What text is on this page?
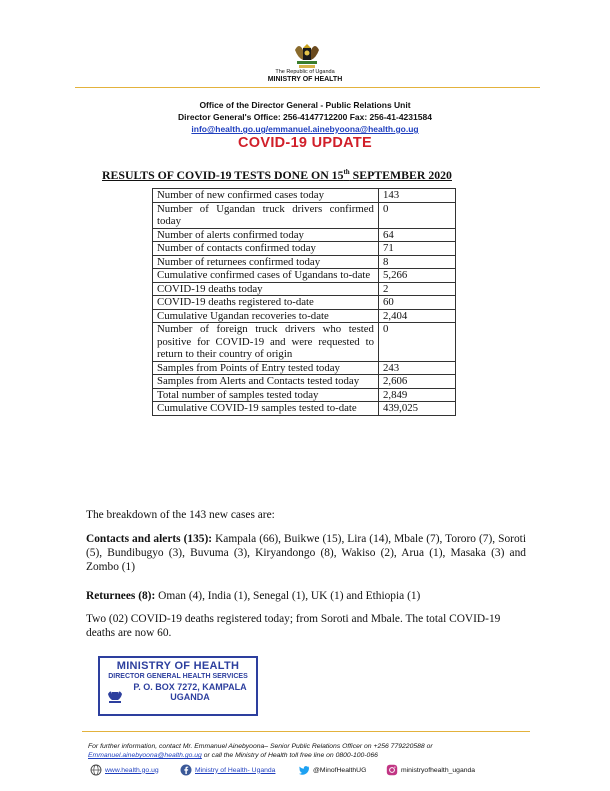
The Republic of Uganda
MINISTRY OF HEALTH
Office of the Director General - Public Relations Unit
Director General's Office: 256-4147712200 Fax: 256-41-4231584
info@health.go.ug/emmanuel.ainebyoona@health.go.ug
COVID-19 UPDATE
RESULTS OF COVID-19 TESTS DONE ON 15th SEPTEMBER 2020
Number of new confirmed cases today	143
Number of Ugandan truck drivers confirmed today	0
Number of alerts confirmed today	64
Number of contacts confirmed today	71
Number of returnees confirmed today	8
Cumulative confirmed cases of Ugandans to-date	5,266
COVID-19 deaths today	2
COVID-19 deaths registered to-date	60
Cumulative Ugandan recoveries to-date	2,404
Number of foreign truck drivers who tested positive for COVID-19 and were requested to return to their country of origin	0
Samples from Points of Entry tested today	243
Samples from Alerts and Contacts tested today	2,606
Total number of samples tested today	2,849
Cumulative COVID-19 samples tested to-date	439,025
The breakdown of the 143 new cases are:
Contacts and alerts (135): Kampala (66), Buikwe (15), Lira (14), Mbale (7), Tororo (7), Soroti (5), Bundibugyo (3), Buvuma (3), Kiryandongo (8), Wakiso (2), Arua (1), Masaka (3) and Zombo (1)
Returnees (8): Oman (4), India (1), Senegal (1), UK (1) and Ethiopia (1)
Two (02) COVID-19 deaths registered today; from Soroti and Mbale. The total COVID-19 deaths are now 60.
MINISTRY OF HEALTH
DIRECTOR GENERAL HEALTH SERVICES
P. O. BOX 7272, KAMPALA
UGANDA
For further information, contact Mr. Emmanuel Ainebyoona– Senior Public Relations Officer on +256 779220588 or
Emmanuel.ainebyoona@health.go.ug or call the Ministry of Health toll free line on 0800-100-066
www.health.go.ug	Ministry of Health- Uganda	@MinofHealthUG	ministryofhealth_uganda
